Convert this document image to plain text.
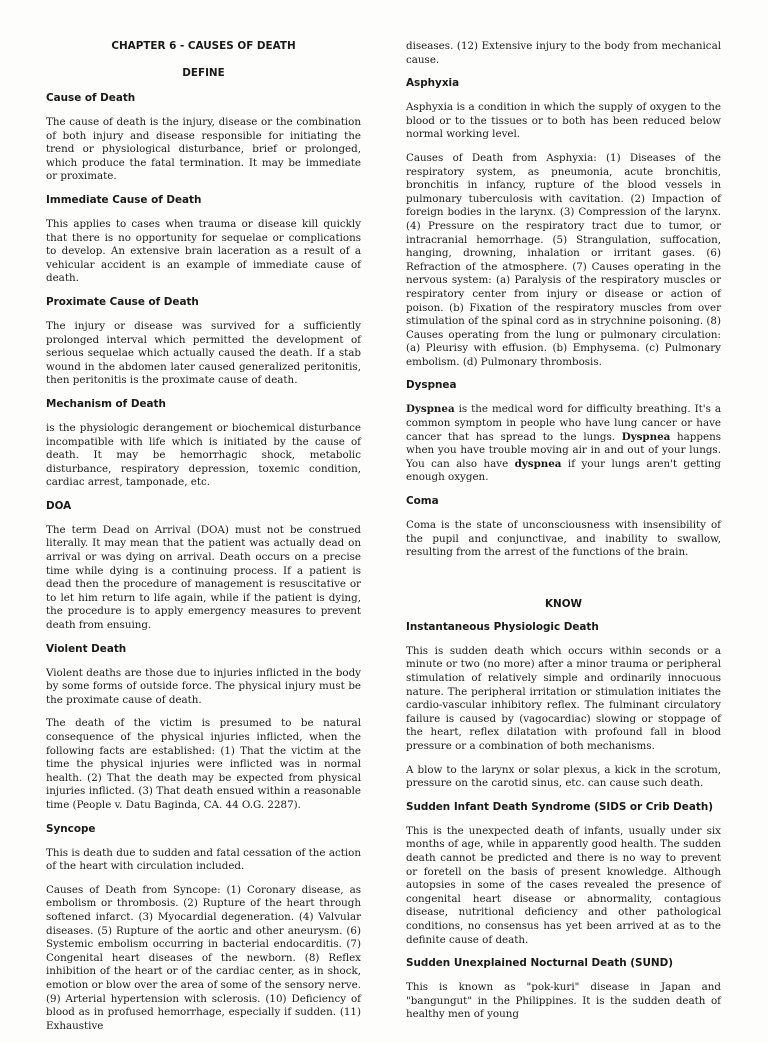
CHAPTER 6 - CAUSES OF DEATH
DEFINE
Cause of Death

The cause of death is the injury, disease or the combination of both injury and disease responsible for initiating the trend or physiological disturbance, brief or prolonged, which produce the fatal termination. It may be immediate or proximate.

Immediate Cause of Death

This applies to cases when trauma or disease kill quickly that there is no opportunity for sequelae or complications to develop. An extensive brain laceration as a result of a vehicular accident is an example of immediate cause of death.

Proximate Cause of Death

The injury or disease was survived for a sufficiently prolonged interval which permitted the development of serious sequelae which actually caused the death. If a stab wound in the abdomen later caused generalized peritonitis, then peritonitis is the proximate cause of death.

Mechanism of Death

is the physiologic derangement or biochemical disturbance incompatible with life which is initiated by the cause of death. It may be hemorrhagic shock, metabolic disturbance, respiratory depression, toxemic condition, cardiac arrest, tamponade, etc.

DOA

The term Dead on Arrival (DOA) must not be construed literally. It may mean that the patient was actually dead on arrival or was dying on arrival. Death occurs on a precise time while dying is a continuing process. If a patient is dead then the procedure of management is resuscitative or to let him return to life again, while if the patient is dying, the procedure is to apply emergency measures to prevent death from ensuing.

Violent Death

Violent deaths are those due to injuries inflicted in the body by some forms of outside force. The physical injury must be the proximate cause of death.

The death of the victim is presumed to be natural consequence of the physical injuries inflicted, when the following facts are established: (1) That the victim at the time the physical injuries were inflicted was in normal health. (2) That the death may be expected from physical injuries inflicted. (3) That death ensued within a reasonable time (People v. Datu Baginda, CA. 44 O.G. 2287).

Syncope

This is death due to sudden and fatal cessation of the action of the heart with circulation included.

Causes of Death from Syncope: (1) Coronary disease, as embolism or thrombosis. (2) Rupture of the heart through softened infarct. (3) Myocardial degeneration. (4) Valvular diseases. (5) Rupture of the aortic and other aneurysm. (6) Systemic embolism occurring in bacterial endocarditis. (7) Congenital heart diseases of the newborn. (8) Reflex inhibition of the heart or of the cardiac center, as in shock, emotion or blow over the area of some of the sensory nerve. (9) Arterial hypertension with sclerosis. (10) Deficiency of blood as in profused hemorrhage, especially if sudden. (11) Exhaustive

diseases. (12) Extensive injury to the body from mechanical cause.

Asphyxia

Asphyxia is a condition in which the supply of oxygen to the blood or to the tissues or to both has been reduced below normal working level.

Causes of Death from Asphyxia: (1) Diseases of the respiratory system, as pneumonia, acute bronchitis, bronchitis in infancy, rupture of the blood vessels in pulmonary tuberculosis with cavitation. (2) Impaction of foreign bodies in the larynx. (3) Compression of the larynx. (4) Pressure on the respiratory tract due to tumor, or intracranial hemorrhage. (5) Strangulation, suffocation, hanging, drowning, inhalation or irritant gases. (6) Refraction of the atmosphere. (7) Causes operating in the nervous system: (a) Paralysis of the respiratory muscles or respiratory center from injury or disease or action of poison. (b) Fixation of the respiratory muscles from over stimulation of the spinal cord as in strychnine poisoning. (8) Causes operating from the lung or pulmonary circulation: (a) Pleurisy with effusion. (b) Emphysema. (c) Pulmonary embolism. (d) Pulmonary thrombosis.

Dyspnea

Dyspnea is the medical word for difficulty breathing. It's a common symptom in people who have lung cancer or have cancer that has spread to the lungs. Dyspnea happens when you have trouble moving air in and out of your lungs. You can also have dyspnea if your lungs aren't getting enough oxygen.

Coma

Coma is the state of unconsciousness with insensibility of the pupil and conjunctivae, and inability to swallow, resulting from the arrest of the functions of the brain.

KNOW
Instantaneous Physiologic Death

This is sudden death which occurs within seconds or a minute or two (no more) after a minor trauma or peripheral stimulation of relatively simple and ordinarily innocuous nature. The peripheral irritation or stimulation initiates the cardio-vascular inhibitory reflex. The fulminant circulatory failure is caused by (vagocardiac) slowing or stoppage of the heart, reflex dilatation with profound fall in blood pressure or a combination of both mechanisms.

A blow to the larynx or solar plexus, a kick in the scrotum, pressure on the carotid sinus, etc. can cause such death.

Sudden Infant Death Syndrome (SIDS or Crib Death)

This is the unexpected death of infants, usually under six months of age, while in apparently good health. The sudden death cannot be predicted and there is no way to prevent or foretell on the basis of present knowledge. Although autopsies in some of the cases revealed the presence of congenital heart disease or abnormality, contagious disease, nutritional deficiency and other pathological conditions, no consensus has yet been arrived at as to the definite cause of death.

Sudden Unexplained Nocturnal Death (SUND)

This is known as "pok-kuri" disease in Japan and "bangungut" in the Philippines. It is the sudden death of healthy men of young
